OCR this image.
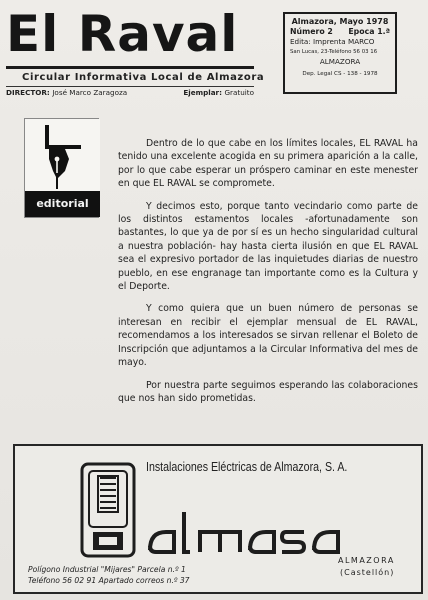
El Raval
Circular Informativa Local de Almazora
DIRECTOR: José Marco Zaragoza	Ejemplar: Gratuito
Almazora, Mayo 1978
Número 2 Epoca 1.ª
Edita: Imprenta MARCO
San Lucas, 23-Teléfono 56 03 16
ALMAZORA
Dep. Legal CS - 138 - 1978
editorial

Dentro de lo que cabe en los límites locales, EL RAVAL ha tenido una excelente acogida en su primera aparición a la calle, por lo que cabe esperar un próspero caminar en este menester en que EL RAVAL se compromete.

Y decimos esto, porque tanto vecindario como parte de los distintos estamentos locales -afortunadamente son bastantes, lo que ya de por sí es un hecho singularidad cultural a nuestra población- hay hasta cierta ilusión en que EL RAVAL sea el expresivo portador de las inquietudes diarias de nuestro pueblo, en ese engranage tan importante como es la Cultura y el Deporte.

Y como quiera que un buen número de personas se interesan en recibir el ejemplar mensual de EL RAVAL, recomendamos a los interesados se sirvan rellenar el Boleto de Inscripción que adjuntamos a la Circular Informativa del mes de mayo.

Por nuestra parte seguimos esperando las colaboraciones que nos han sido prometidas.

Instalaciones Eléctricas de Almazora, S. A.
ALMAZORA
(Castellón)
Polígono Industrial "Mijares" Parcela n.º 1
Teléfono 56 02 91 Apartado correos n.º 37
